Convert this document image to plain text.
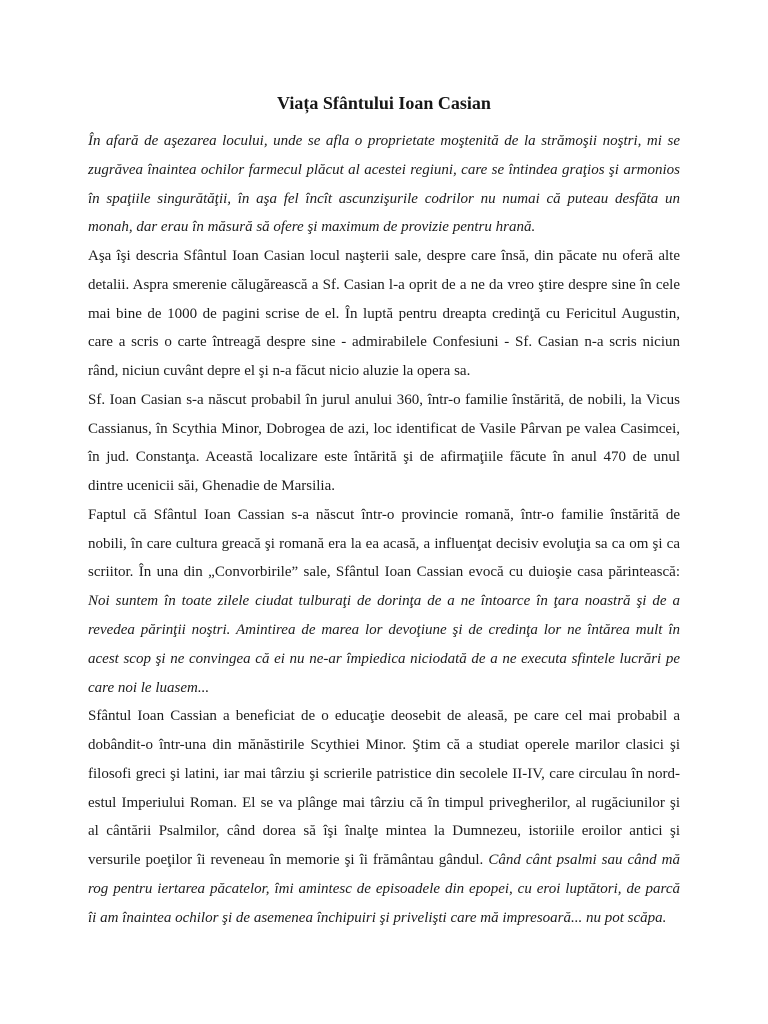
Viața Sfântului Ioan Casian
În afară de aşezarea locului, unde se afla o proprietate moştenită de la strămoşii noştri, mi se
zugrăvea înaintea ochilor farmecul plăcut al acestei regiuni, care se întindea graţios şi armonios
în spaţiile singurătăţii, în aşa fel încît ascunzişurile codrilor nu numai că puteau desfăta un
monah, dar erau în măsură să ofere şi maximum de provizie pentru hrană.
Aşa îşi descria Sfântul Ioan Casian locul naşterii sale, despre care însă, din păcate nu oferă alte
detalii. Aspra smerenie călugărească a Sf. Casian l-a oprit de a ne da vreo ştire despre sine în cele
mai bine de 1000 de pagini scrise de el. În luptă pentru dreapta credinţă cu Fericitul Augustin,
care a scris o carte întreagă despre sine - admirabilele Confesiuni - Sf. Casian n-a scris niciun
rând, niciun cuvânt depre el şi n-a făcut nicio aluzie la opera sa.
Sf. Ioan Casian s-a născut probabil în jurul anului 360, într-o familie înstărită, de nobili, la Vicus
Cassianus, în Scythia Minor, Dobrogea de azi, loc identificat de Vasile Pârvan pe valea Casimcei,
în jud. Constanţa. Această localizare este întărită şi de afirmaţiile făcute în anul 470 de unul
dintre ucenicii săi, Ghenadie de Marsilia.
Faptul că Sfântul Ioan Cassian s-a născut într-o provincie romană, într-o familie înstărită de
nobili, în care cultura greacă şi romană era la ea acasă, a influenţat decisiv evoluţia sa ca om şi ca
scriitor. În una din „Convorbirile” sale, Sfântul Ioan Cassian evocă cu duioşie casa părintească:
Noi suntem în toate zilele ciudat tulburaţi de dorinţa de a ne întoarce în ţara noastră şi de a
revedea părinţii noştri. Amintirea de marea lor devoţiune şi de credinţa lor ne întărea mult în
acest scop şi ne convingea că ei nu ne-ar împiedica niciodată de a ne executa sfintele lucrări pe
care noi le luasem...
Sfântul Ioan Cassian a beneficiat de o educaţie deosebit de aleasă, pe care cel mai probabil a
dobândit-o într-una din mănăstirile Scythiei Minor. Ştim că a studiat operele marilor clasici şi
filosofi greci şi latini, iar mai târziu şi scrierile patristice din secolele II-IV, care circulau în nord-
estul Imperiului Roman. El se va plânge mai târziu că în timpul privegherilor, al rugăciunilor şi
al cântării Psalmilor, când dorea să îşi înalţe mintea la Dumnezeu, istoriile eroilor antici şi
versurile poeţilor îi reveneau în memorie şi îi frământau gândul. Când cânt psalmi sau când mă
rog pentru iertarea păcatelor, îmi amintesc de episoadele din epopei, cu eroi luptători, de parcă
îi am înaintea ochilor şi de asemenea închipuiri şi privelişti care mă impresoară... nu pot scăpa.
